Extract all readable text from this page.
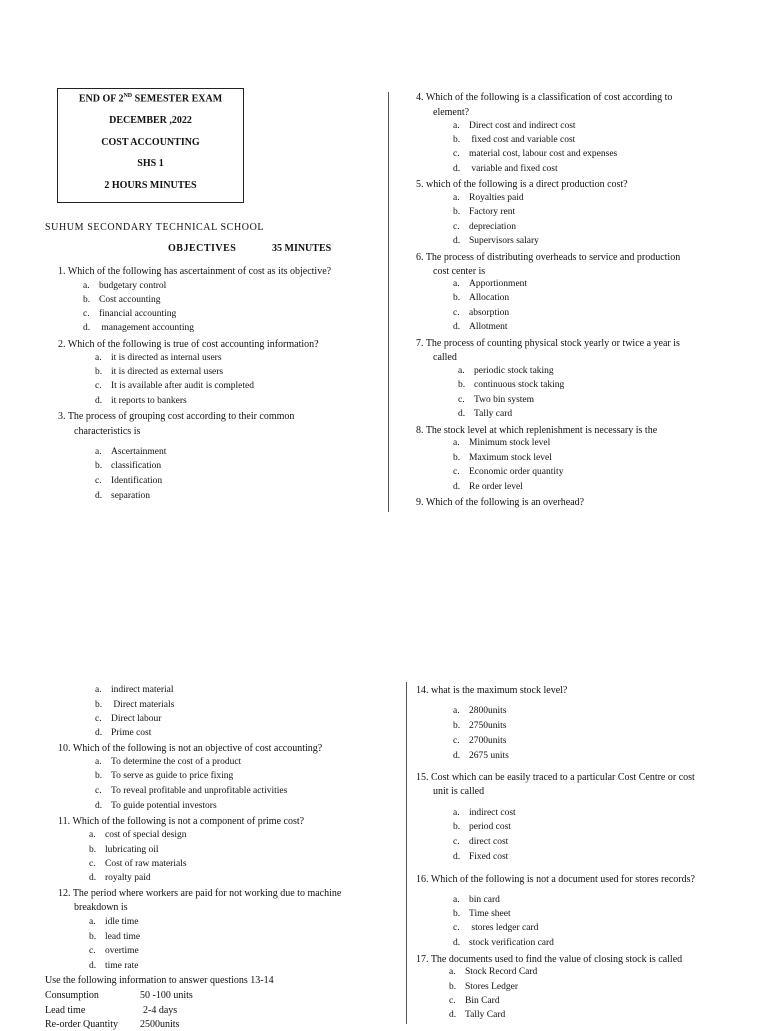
END OF 2ND SEMESTER EXAM
DECEMBER ,2022
COST ACCOUNTING
SHS 1
2 HOURS MINUTES
SUHUM SECONDARY TECHNICAL SCHOOL
OBJECTIVES	35 MINUTES
1. Which of the following has ascertainment of cost as its objective?
a. budgetary control
b. Cost accounting
c. financial accounting
d. management accounting
2. Which of the following is true of cost accounting information?
a. it is directed as internal users
b. it is directed as external users
c. It is available after audit is completed
d. it reports to bankers
3. The process of grouping cost according to their common
characteristics is
a. Ascertainment
b. classification
c. Identification
d. separation
4. Which of the following is a classification of cost according to
element?
a. Direct cost and indirect cost
b. fixed cost and variable cost
c. material cost, labour cost and expenses
d. variable and fixed cost
5. which of the following is a direct production cost?
a. Royalties paid
b. Factory rent
c. depreciation
d. Supervisors salary
6. The process of distributing overheads to service and production
cost center is
a. Apportionment
b. Allocation
c. absorption
d. Allotment
7. The process of counting physical stock yearly or twice a year is
called
a. periodic stock taking
b. continuous stock taking
c. Two bin system
d. Tally card
8. The stock level at which replenishment is necessary is the
a. Minimum stock level
b. Maximum stock level
c. Economic order quantity
d. Re order level
9. Which of the following is an overhead?
a. indirect material
b. Direct materials
c. Direct labour
d. Prime cost
10. Which of the following is not an objective of cost accounting?
a. To determine the cost of a product
b. To serve as guide to price fixing
c. To reveal profitable and unprofitable activities
d. To guide potential investors
11. Which of the following is not a component of prime cost?
a. cost of special design
b. lubricating oil
c. Cost of raw materials
d. royalty paid
12. The period where workers are paid for not working due to machine
breakdown is
a. idle time
b. lead time
c. overtime
d. time rate
Use the following information to answer questions 13-14
Consumption	50 -100 units
Lead time	2-4 days
Re-order Quantity 2500units
14. what is the maximum stock level?
a. 2800units
b. 2750units
c. 2700units
d. 2675 units
15. Cost which can be easily traced to a particular Cost Centre or cost
unit is called
a. indirect cost
b. period cost
c. direct cost
d. Fixed cost
16. Which of the following is not a document used for stores records?
a. bin card
b. Time sheet
c. stores ledger card
d. stock verification card
17. The documents used to find the value of closing stock is called
a. Stock Record Card
b. Stores Ledger
c. Bin Card
d. Tally Card
